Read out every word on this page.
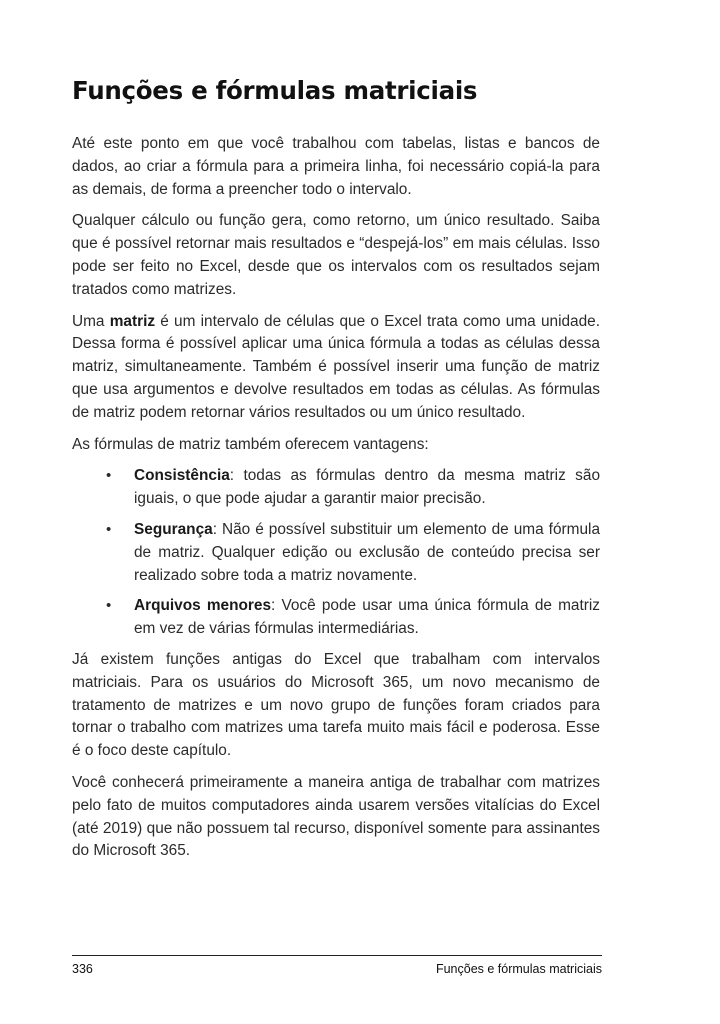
Funções e fórmulas matriciais

Até este ponto em que você trabalhou com tabelas, listas e bancos de dados, ao criar a fórmula para a primeira linha, foi necessário copiá-la para as demais, de forma a preencher todo o intervalo.

Qualquer cálculo ou função gera, como retorno, um único resultado. Saiba que é possível retornar mais resultados e “despejá-los” em mais células. Isso pode ser feito no Excel, desde que os intervalos com os resultados sejam tratados como matrizes.

Uma matriz é um intervalo de células que o Excel trata como uma unidade. Dessa forma é possível aplicar uma única fórmula a todas as células dessa matriz, simultaneamente. Também é possível inserir uma função de matriz que usa argumentos e devolve resultados em todas as células. As fórmulas de matriz podem retornar vários resultados ou um único resultado.

As fórmulas de matriz também oferecem vantagens:

• Consistência: todas as fórmulas dentro da mesma matriz são iguais, o que pode ajudar a garantir maior precisão.
• Segurança: Não é possível substituir um elemento de uma fórmula de matriz. Qualquer edição ou exclusão de conteúdo precisa ser realizado sobre toda a matriz novamente.
• Arquivos menores: Você pode usar uma única fórmula de matriz em vez de várias fórmulas intermediárias.

Já existem funções antigas do Excel que trabalham com intervalos matriciais. Para os usuários do Microsoft 365, um novo mecanismo de tratamento de matrizes e um novo grupo de funções foram criados para tornar o trabalho com matrizes uma tarefa muito mais fácil e poderosa. Esse é o foco deste capítulo.

Você conhecerá primeiramente a maneira antiga de trabalhar com matrizes pelo fato de muitos computadores ainda usarem versões vitalícias do Excel (até 2019) que não possuem tal recurso, disponível somente para assinantes do Microsoft 365.

336	Funções e fórmulas matriciais
